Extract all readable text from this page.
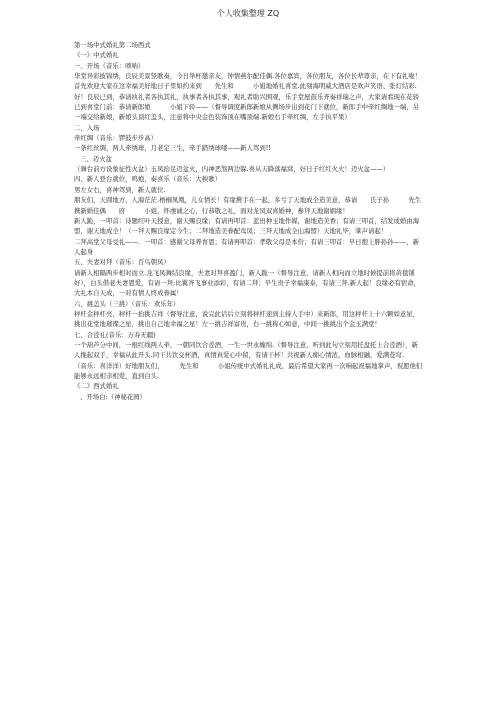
个人收集整理 ZQ

第一场中式婚礼第二场西式

《一》中式婚礼

一、开场（音乐：唢呐）

华堂异彩披锦绣，良辰美景竖歌奏，今日举杯邀亲友，钟情燕尔配佳偶.各位嘉宾，各位朋友，各位长辈尊亲，在下有礼啦！

首先欢迎大家在这幸福美好地日子里如约来到　　先生和　　　小姐地婚礼喜堂.此刻海明威大酒店是欢声笑语、张灯结彩.好！良辰已到，恭请执礼者各执其礼，执事者各执其事，观礼者助兴围观，乐手堂屋鼓乐齐奏祥瑞之声，大家请看现在花轿已到喜堂门前：恭请新郎娘　　　小姐下轿——（督导调度新郎新娘从侧场步出到花门下就位，新郎手中牵红绸地一端，另一端交给新娘，新娘头顶红盖头，注意将中央金色装饰顶在嘴顶端.新娘右手牵红绸，左手执平果）

二、入场

牵红绸（音乐：锣鼓步步高）

一条红丝绸，两人牵绣球，月老定三生，牵手踏绣球喽——新人驾到!!

三、迈火盆

（舞台前方设象征性火盆）玉凤抬足迈盆火，内神恶煞两边躲.喜从天降落福窝，好日子红红火火！迈火盆——）

四、新人登台就位，鸣炮，奏喜乐（音乐：大秧歌）

男左女右，喜神驾到，新人就位.

朋友们，天圆地方，人海茫茫.梧桐凤凰，儿女情长！有缘携手在一起，多亏了天地成全造美意，恭请　　氏子孙　　　先生携新婚佳偶　　府　　　小姐，怀虔诚之心，行恭敬之礼，面对龙凤双喜婚神，参拜天地谢姻缘！

新人跪，一叩首：诗题红叶天授意，谢天赐良缘；有请再叩首：蓝田种玉地作媒，谢地造美香；有请三叩首，结发成婚由海盟，谢天地成全！（一拜天赐良缘定今生；二拜地造美眷配鸾凤；三拜天地成全山海盟）天地礼毕，掌声请起！

二拜高堂父母受礼——．一叩首：感谢父母养育恩；有请再叩首：孝敬父母是本份；有请三叩首：早日抱上胖孙孙——，新人起身

五、夫妻对拜（音乐：百鸟朝凤）

请新人相隔两步相对而立.龙飞凤舞结良缘，夫妻对拜喜盈门，新人跪一（督导注意，请新人相向而立地时候提前将黄毯铺好），白头偕老夫妻恩爱，有请一拜;比翼齐飞事业添彩，有请二拜；早生贵子幸福康泰，有请三拜.新人起！良缘必有宿命，大礼本自天成，一对有情人终成眷属！

六、挑盖头（三挑）（音乐：欢乐年）

秤杆金秤杆亮，秤杆一抬挑吉祥（督导注意，说完此话后立刻将秤杆递到主持人手中）来新郎，用这秤杆上十六颗如意星，挑出花堂地璀璨之星，挑出自己地幸福之星！左一挑吉祥富贵，右一挑称心如意，中间一挑挑出个金玉满堂！

七、合卺礼(音乐：万寿无疆)

一个葫芦分中间，一根红线两人牵，一朝同饮合卺酒，一生一世永缠绵.（督导注意，听到此句立刻用托盘托上合卺酒），新人挽起双手，幸福从此开头.同干共饮交杯酒，真情真爱心中留，有请干杯！共祝新人痴心情浓，血脉相融，爱满苍穹.

（音乐：喜洋洋）好地朋友们，　　　先生和　　　小姐传统中式婚礼礼成，最后希望大家再一次响起祝福地掌声，祝愿他们能够永远相亲相爱，直到白头.

《二》西式婚礼

、开场白:（神秘花园）
